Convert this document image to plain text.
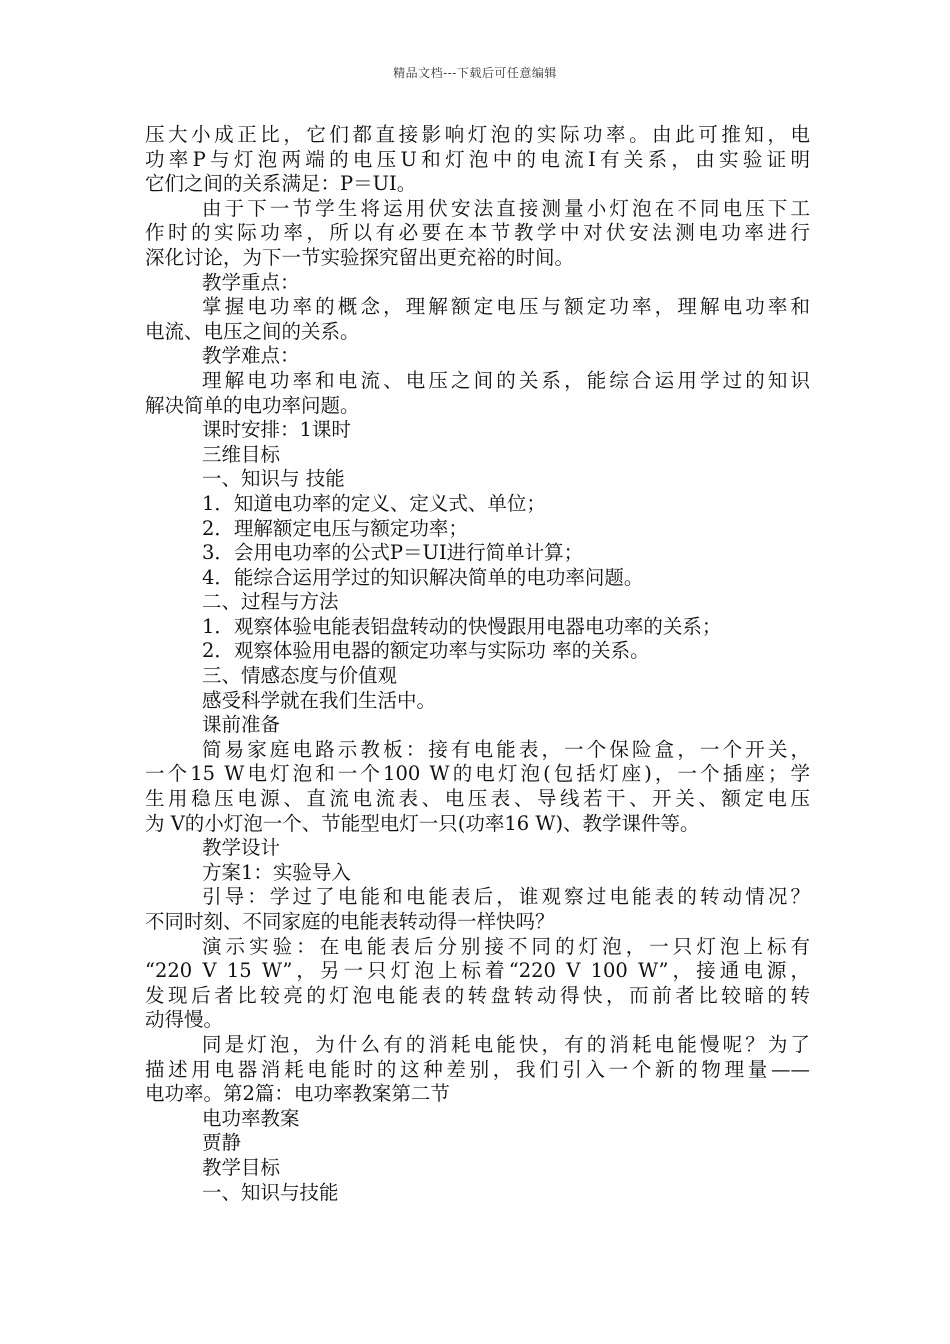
精品文档---下载后可任意编辑
压大小成正比，它们都直接影响灯泡的实际功率。由此可推知，电
功率P与灯泡两端的电压U和灯泡中的电流I有关系，由实验证明
它们之间的关系满足：P＝UI。
由于下一节学生将运用伏安法直接测量小灯泡在不同电压下工
作时的实际功率，所以有必要在本节教学中对伏安法测电功率进行
深化讨论，为下一节实验探究留出更充裕的时间。
教学重点：
掌握电功率的概念，理解额定电压与额定功率，理解电功率和
电流、电压之间的关系。
教学难点：
理解电功率和电流、电压之间的关系，能综合运用学过的知识
解决简单的电功率问题。
课时安排：1课时
三维目标
一、知识与 技能
1．知道电功率的定义、定义式、单位；
2．理解额定电压与额定功率；
3．会用电功率的公式P＝UI进行简单计算；
4．能综合运用学过的知识解决简单的电功率问题。
二、过程与方法
1．观察体验电能表铝盘转动的快慢跟用电器电功率的关系；
2．观察体验用电器的额定功率与实际功 率的关系。
三、情感态度与价值观
感受科学就在我们生活中。
课前准备
简易家庭电路示教板：接有电能表，一个保险盒，一个开关，
一个15 W电灯泡和一个100 W的电灯泡(包括灯座)，一个插座；学
生用稳压电源、直流电流表、电压表、导线若干、开关、额定电压
为 V的小灯泡一个、节能型电灯一只(功率16 W)、教学课件等。
教学设计
方案1：实验导入
引导：学过了电能和电能表后，谁观察过电能表的转动情况？
不同时刻、不同家庭的电能表转动得一样快吗？
演示实验：在电能表后分别接不同的灯泡，一只灯泡上标有
“220 V 15 W”，另一只灯泡上标着“220 V 100 W”，接通电源，
发现后者比较亮的灯泡电能表的转盘转动得快，而前者比较暗的转
动得慢。
同是灯泡，为什么有的消耗电能快，有的消耗电能慢呢？为了
描述用电器消耗电能时的这种差别，我们引入一个新的物理量——
电功率。第2篇：电功率教案第二节
电功率教案
贾静
教学目标
一、知识与技能
